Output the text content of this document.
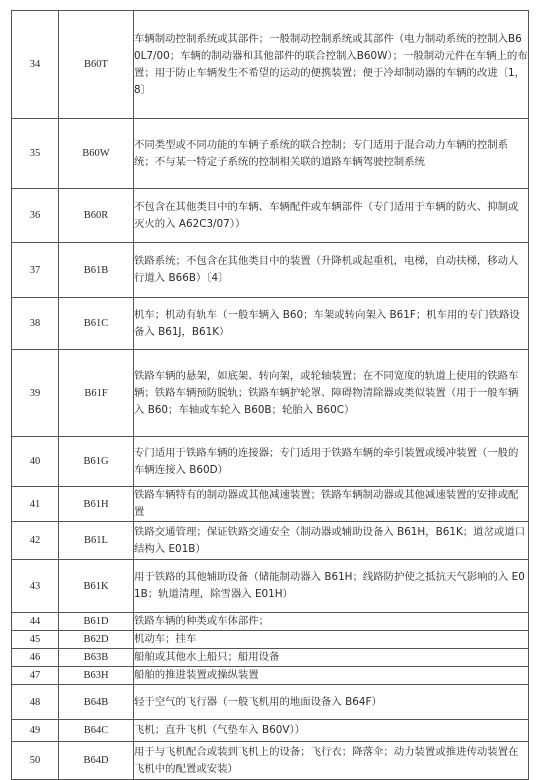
34	B60T	车辆制动控制系统或其部件；一般制动控制系统或其部件（电力制动系统的控制入B60L7/00；车辆的制动器和其他部件的联合控制入B60W）；一般制动元件在车辆上的布置；用于防止车辆发生不希望的运动的便携装置；便于冷却制动器的车辆的改进〔1，8〕
35	B60W	不同类型或不同功能的车辆子系统的联合控制；专门适用于混合动力车辆的控制系统；不与某一特定子系统的控制相关联的道路车辆驾驶控制系统
36	B60R	不包含在其他类目中的车辆、车辆配件或车辆部件（专门适用于车辆的防火、抑制或灭火的入 A62C3/07））
37	B61B	铁路系统；不包含在其他类目中的装置（升降机或起重机，电梯，自动扶梯，移动人行道入 B66B）〔4〕
38	B61C	机车；机动有轨车（一般车辆入 B60；车架或转向架入 B61F；机车用的专门铁路设备入 B61J，B61K）
39	B61F	铁路车辆的悬架，如底架、转向架，或轮轴装置；在不同宽度的轨道上使用的铁路车辆；铁路车辆预防脱轨；铁路车辆护轮罩、障碍物清除器或类似装置（用于一般车辆入 B60；车轴或车轮入 B60B；轮胎入 B60C）
40	B61G	专门适用于铁路车辆的连接器；专门适用于铁路车辆的牵引装置或缓冲装置（一般的车辆连接入 B60D）
41	B61H	铁路车辆特有的制动器或其他减速装置；铁路车辆制动器或其他减速装置的安排或配置
42	B61L	铁路交通管理；保证铁路交通安全（制动器或辅助设备入 B61H，B61K；道岔或道口结构入 E01B）
43	B61K	用于铁路的其他辅助设备（储能制动器入 B61H；线路防护使之抵抗天气影响的入 E01B；轨道清理，除雪器入 E01H）
44	B61D	铁路车辆的种类或车体部件；
45	B62D	机动车；挂车
46	B63B	船舶或其他水上船只；船用设备
47	B63H	船舶的推进装置或操纵装置
48	B64B	轻于空气的飞行器（一般飞机用的地面设备入 B64F）
49	B64C	飞机；直升飞机（气垫车入 B60V））
50	B64D	用于与飞机配合或装到飞机上的设备；飞行衣；降落伞；动力装置或推进传动装置在飞机中的配置或安装）
